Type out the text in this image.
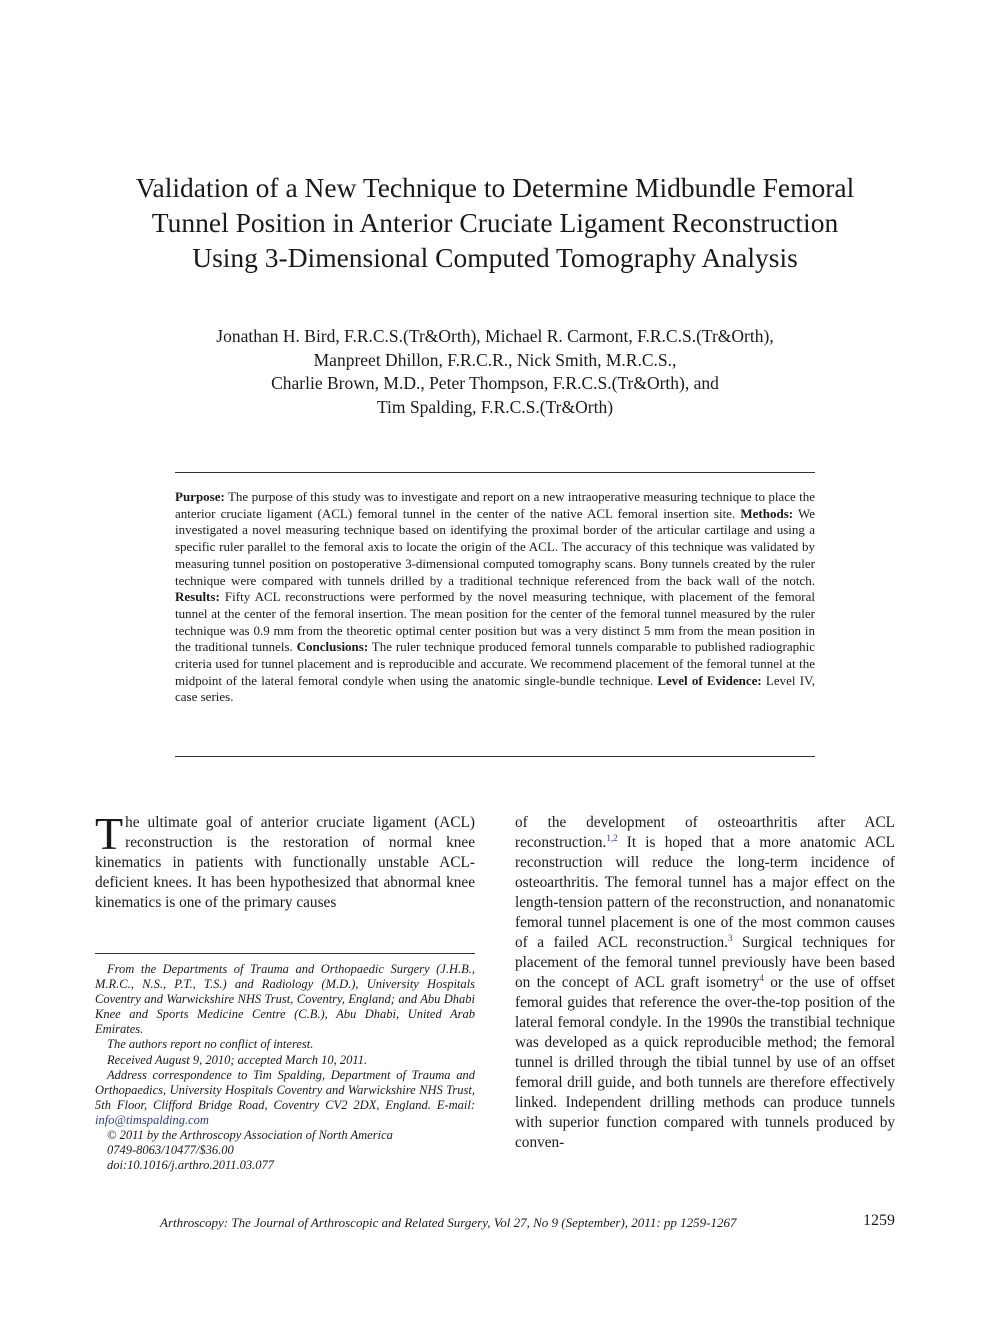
Validation of a New Technique to Determine Midbundle Femoral
Tunnel Position in Anterior Cruciate Ligament Reconstruction
Using 3-Dimensional Computed Tomography Analysis
Jonathan H. Bird, F.R.C.S.(Tr&Orth), Michael R. Carmont, F.R.C.S.(Tr&Orth),
Manpreet Dhillon, F.R.C.R., Nick Smith, M.R.C.S.,
Charlie Brown, M.D., Peter Thompson, F.R.C.S.(Tr&Orth), and
Tim Spalding, F.R.C.S.(Tr&Orth)

Purpose: The purpose of this study was to investigate and report on a new intraoperative measuring technique to place the anterior cruciate ligament (ACL) femoral tunnel in the center of the native ACL femoral insertion site. Methods: We investigated a novel measuring technique based on identifying the proximal border of the articular cartilage and using a specific ruler parallel to the femoral axis to locate the origin of the ACL. The accuracy of this technique was validated by measuring tunnel position on postoperative 3-dimensional computed tomography scans. Bony tunnels created by the ruler technique were compared with tunnels drilled by a traditional technique referenced from the back wall of the notch. Results: Fifty ACL reconstructions were performed by the novel measuring technique, with placement of the femoral tunnel at the center of the femoral insertion. The mean position for the center of the femoral tunnel measured by the ruler technique was 0.9 mm from the theoretic optimal center position but was a very distinct 5 mm from the mean position in the traditional tunnels. Conclusions: The ruler technique produced femoral tunnels comparable to published radiographic criteria used for tunnel placement and is reproducible and accurate. We recommend placement of the femoral tunnel at the midpoint of the lateral femoral condyle when using the anatomic single-bundle technique. Level of Evidence: Level IV, case series.

The ultimate goal of anterior cruciate ligament (ACL) reconstruction is the restoration of normal knee kinematics in patients with functionally unstable ACL-deficient knees. It has been hypothesized that abnormal knee kinematics is one of the primary causes

From the Departments of Trauma and Orthopaedic Surgery (J.H.B., M.R.C., N.S., P.T., T.S.) and Radiology (M.D.), University Hospitals Coventry and Warwickshire NHS Trust, Coventry, England; and Abu Dhabi Knee and Sports Medicine Centre (C.B.), Abu Dhabi, United Arab Emirates.

The authors report no conflict of interest.

Received August 9, 2010; accepted March 10, 2011.

Address correspondence to Tim Spalding, Department of Trauma and Orthopaedics, University Hospitals Coventry and Warwickshire NHS Trust, 5th Floor, Clifford Bridge Road, Coventry CV2 2DX, England. E-mail: info@timspalding.com

© 2011 by the Arthroscopy Association of North America

0749-8063/10477/$36.00

doi:10.1016/j.arthro.2011.03.077

of the development of osteoarthritis after ACL reconstruction.$^{1,2}$ It is hoped that a more anatomic ACL reconstruction will reduce the long-term incidence of osteoarthritis. The femoral tunnel has a major effect on the length-tension pattern of the reconstruction, and nonanatomic femoral tunnel placement is one of the most common causes of a failed ACL reconstruction.$^3$ Surgical techniques for placement of the femoral tunnel previously have been based on the concept of ACL graft isometry$^4$ or the use of offset femoral guides that reference the over-the-top position of the lateral femoral condyle. In the 1990s the transtibial technique was developed as a quick reproducible method; the femoral tunnel is drilled through the tibial tunnel by use of an offset femoral drill guide, and both tunnels are therefore effectively linked. Independent drilling methods can produce tunnels with superior function compared with tunnels produced by conven-
Arthroscopy: The Journal of Arthroscopic and Related Surgery, Vol 27, No 9 (September), 2011: pp 1259-1267	1259
